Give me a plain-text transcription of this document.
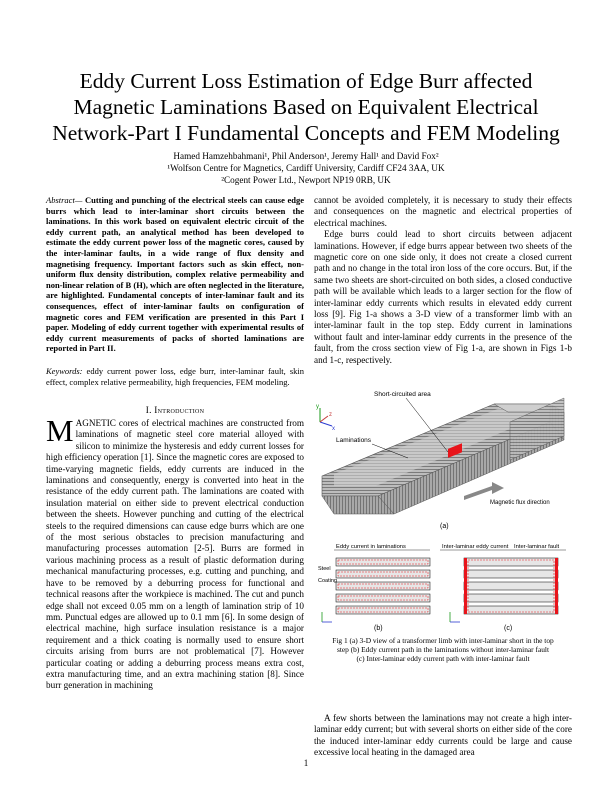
Eddy Current Loss Estimation of Edge Burr affected Magnetic Laminations Based on Equivalent Electrical Network-Part I Fundamental Concepts and FEM Modeling
Hamed Hamzehbahmani¹, Phil Anderson¹, Jeremy Hall¹ and David Fox²
¹Wolfson Centre for Magnetics, Cardiff University, Cardiff CF24 3AA, UK
²Cogent Power Ltd., Newport NP19 0RB, UK
Abstract— Cutting and punching of the electrical steels can cause edge burrs which lead to inter-laminar short circuits between the laminations. In this work based on equivalent electric circuit of the eddy current path, an analytical method has been developed to estimate the eddy current power loss of the magnetic cores, caused by the inter-laminar faults, in a wide range of flux density and magnetising frequency. Important factors such as skin effect, non-uniform flux density distribution, complex relative permeability and non-linear relation of B (H), which are often neglected in the literature, are highlighted. Fundamental concepts of inter-laminar fault and its consequences, effect of inter-laminar faults on configuration of magnetic cores and FEM verification are presented in this Part I paper. Modeling of eddy current together with experimental results of eddy current measurements of packs of shorted laminations are reported in Part II.
Keywords: eddy current power loss, edge burr, inter-laminar fault, skin effect, complex relative permeability, high frequencies, FEM modeling.
I. Introduction
MAGNETIC cores of electrical machines are constructed from laminations of magnetic steel core material alloyed with silicon to minimize the hysteresis and eddy current losses for high efficiency operation [1]. Since the magnetic cores are exposed to time-varying magnetic fields, eddy currents are induced in the laminations and consequently, energy is converted into heat in the resistance of the eddy current path. The laminations are coated with insulation material on either side to prevent electrical conduction between the sheets. However punching and cutting of the electrical steels to the required dimensions can cause edge burrs which are one of the most serious obstacles to precision manufacturing and manufacturing processes automation [2-5]. Burrs are formed in various machining process as a result of plastic deformation during mechanical manufacturing processes, e.g. cutting and punching, and have to be removed by a deburring process for functional and technical reasons after the workpiece is machined. The cut and punch edge shall not exceed 0.05 mm on a length of lamination strip of 10 mm. Punctual edges are allowed up to 0.1 mm [6]. In some design of electrical machine, high surface insulation resistance is a major requirement and a thick coating is normally used to ensure short circuits arising from burrs are not problematical [7]. However particular coating or adding a deburring process means extra cost, extra manufacturing time, and an extra machining station [8]. Since burr generation in machining

cannot be avoided completely, it is necessary to study their effects and consequences on the magnetic and electrical properties of electrical machines.

Edge burrs could lead to short circuits between adjacent laminations. However, if edge burrs appear between two sheets of the magnetic core on one side only, it does not create a closed current path and no change in the total iron loss of the core occurs. But, if the same two sheets are short-circuited on both sides, a closed conductive path will be available which leads to a larger section for the flow of inter-laminar eddy currents which results in elevated eddy current loss [9]. Fig 1-a shows a 3-D view of a transformer limb with an inter-laminar fault in the top step. Eddy current in laminations without fault and inter-laminar eddy currents in the presence of the fault, from the cross section view of Fig 1-a, are shown in Figs 1-b and 1-c, respectively.

y
x
z
Short-circuited area
Laminations
Magnetic flux direction
(a)
Eddy current in laminations
Steel
Coating
(b)
Inter-laminar eddy current Inter-laminar fault
(c)
Fig 1 (a) 3-D view of a transformer limb with inter-laminar short in the top
step (b) Eddy current path in the laminations without inter-laminar fault
(c) Inter-laminar eddy current path with inter-laminar fault

A few shorts between the laminations may not create a high inter-laminar eddy current; but with several shorts on either side of the core the induced inter-laminar eddy currents could be large and cause excessive local heating in the damaged area

1
